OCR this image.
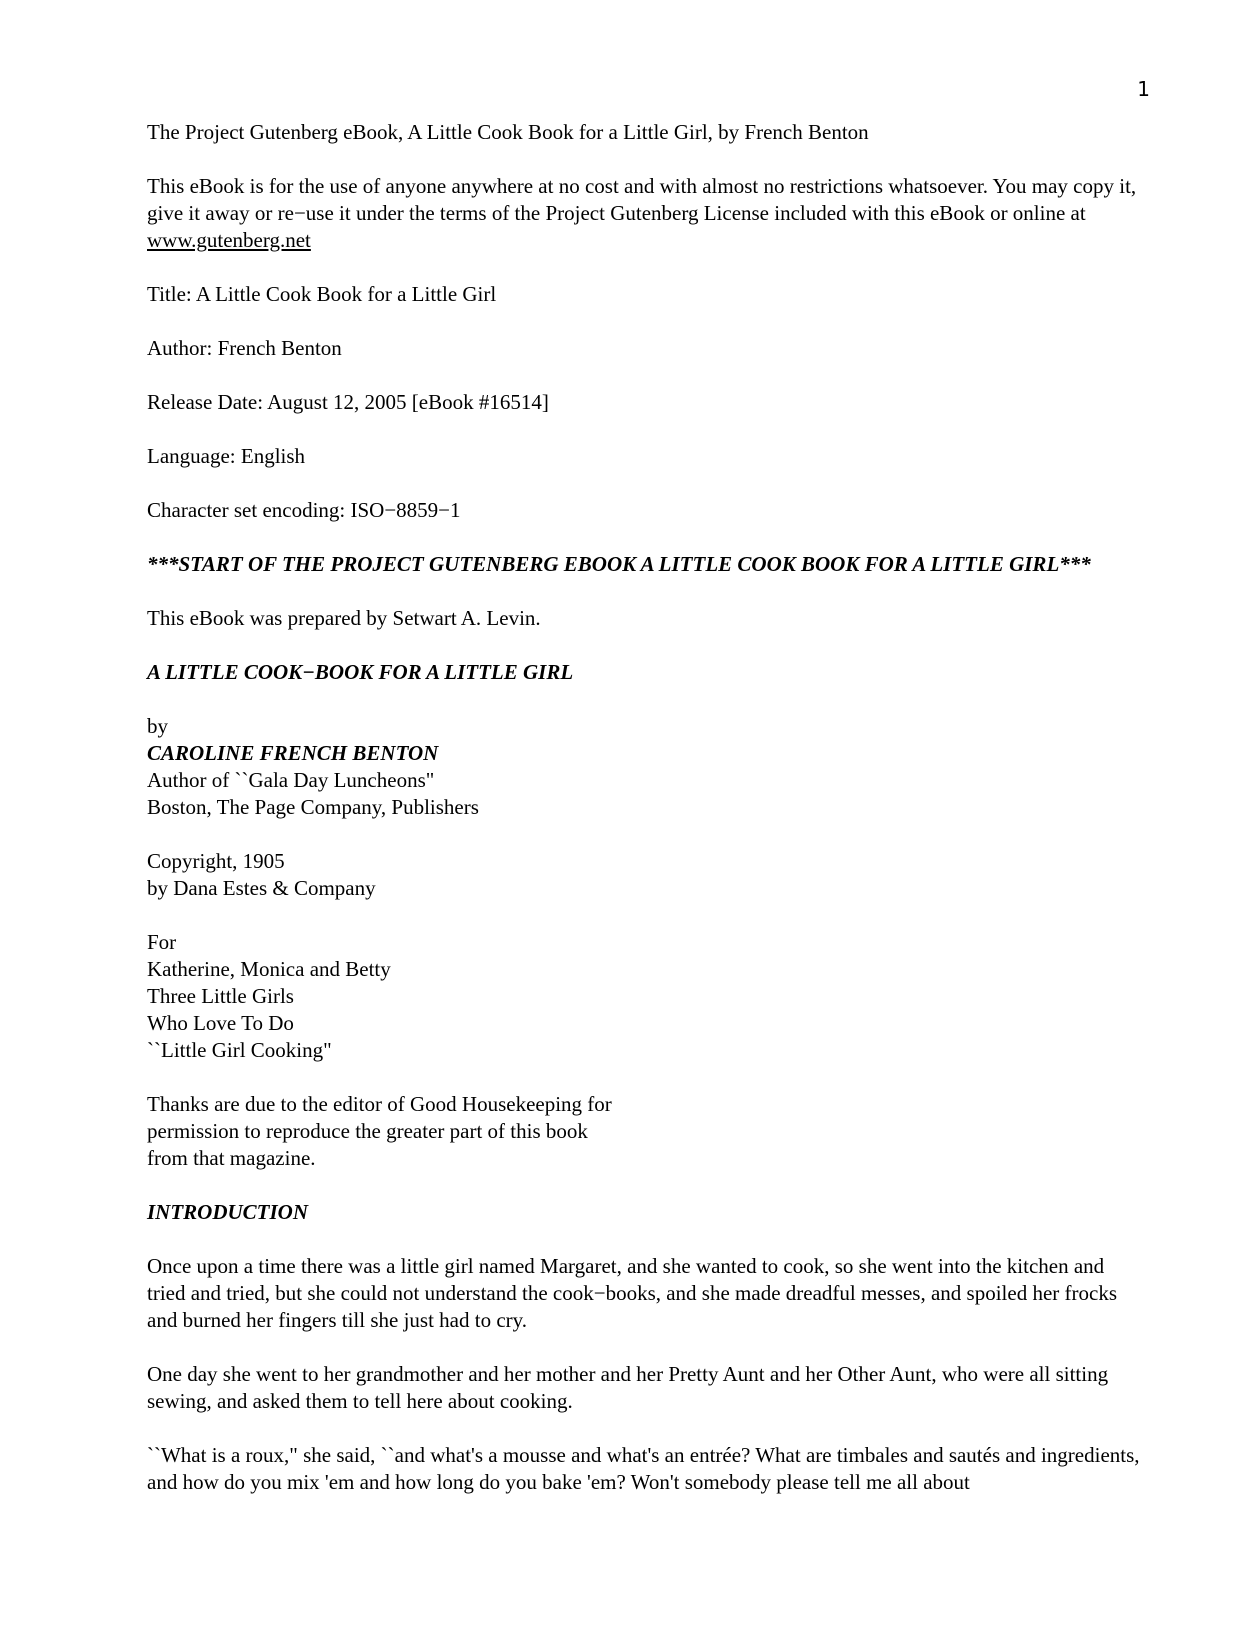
1

The Project Gutenberg eBook, A Little Cook Book for a Little Girl, by French Benton

This eBook is for the use of anyone anywhere at no cost and with almost no restrictions whatsoever. You may copy it, give it away or re−use it under the terms of the Project Gutenberg License included with this eBook or online at www.gutenberg.net

Title: A Little Cook Book for a Little Girl

Author: French Benton

Release Date: August 12, 2005 [eBook #16514]

Language: English

Character set encoding: ISO−8859−1

***START OF THE PROJECT GUTENBERG EBOOK A LITTLE COOK BOOK FOR A LITTLE GIRL***

This eBook was prepared by Setwart A. Levin.

A LITTLE COOK−BOOK FOR A LITTLE GIRL

by
CAROLINE FRENCH BENTON
Author of ``Gala Day Luncheons"
Boston, The Page Company, Publishers

Copyright, 1905
by Dana Estes & Company

For
Katherine, Monica and Betty
Three Little Girls
Who Love To Do
``Little Girl Cooking"

Thanks are due to the editor of Good Housekeeping for
permission to reproduce the greater part of this book
from that magazine.

INTRODUCTION

Once upon a time there was a little girl named Margaret, and she wanted to cook, so she went into the kitchen and tried and tried, but she could not understand the cook−books, and she made dreadful messes, and spoiled her frocks and burned her fingers till she just had to cry.

One day she went to her grandmother and her mother and her Pretty Aunt and her Other Aunt, who were all sitting sewing, and asked them to tell here about cooking.

``What is a roux," she said, ``and what's a mousse and what's an entrée? What are timbales and sautés and ingredients, and how do you mix 'em and how long do you bake 'em? Won't somebody please tell me all about
